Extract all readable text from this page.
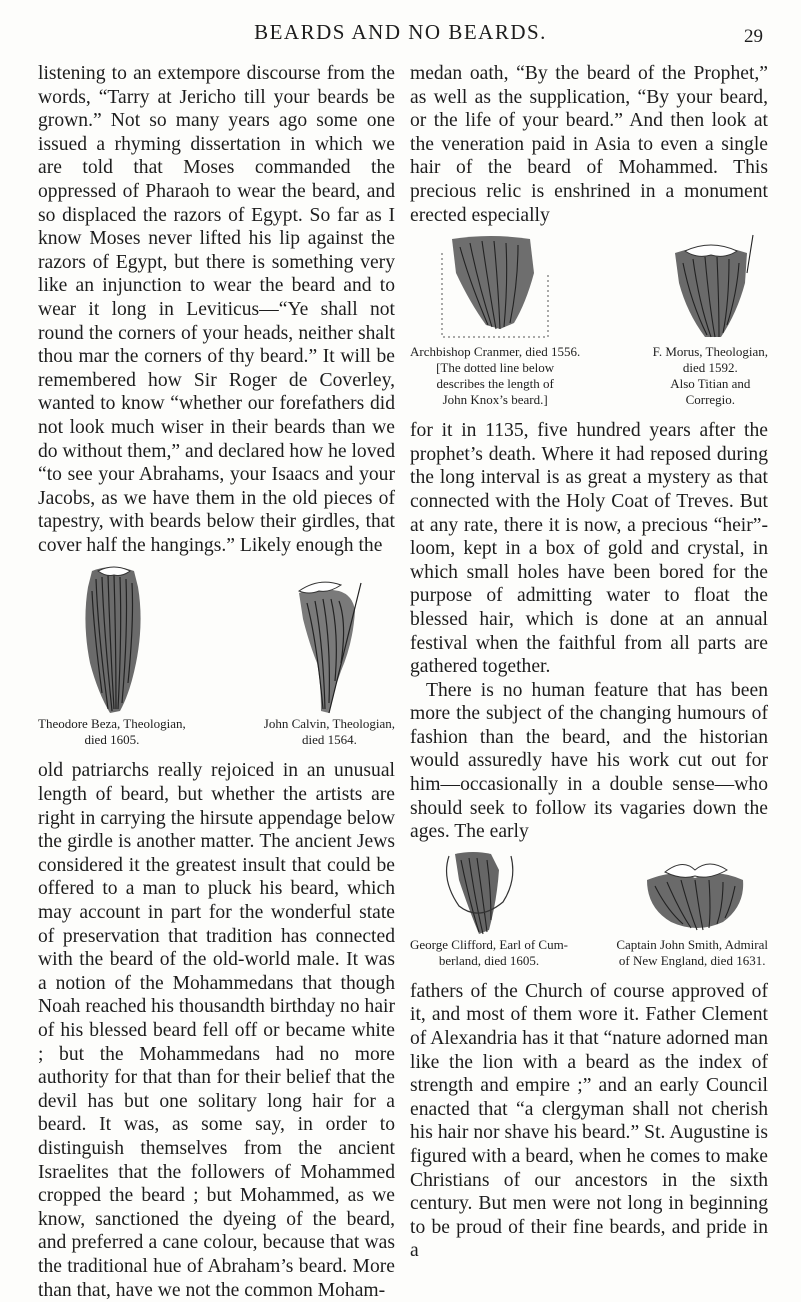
BEARDS AND NO BEARDS.	29

listening to an extempore discourse from the words, “Tarry at Jericho till your beards be grown.” Not so many years ago some one issued a rhyming dissertation in which we are told that Moses commanded the oppressed of Pharaoh to wear the beard, and so displaced the razors of Egypt. So far as I know Moses never lifted his lip against the razors of Egypt, but there is something very like an injunction to wear the beard and to wear it long in Leviticus—“Ye shall not round the corners of your heads, neither shalt thou mar the corners of thy beard.” It will be remembered how Sir Roger de Coverley, wanted to know “whether our forefathers did not look much wiser in their beards than we do without them,” and declared how he loved “to see your Abrahams, your Isaacs and your Jacobs, as we have them in the old pieces of tapestry, with beards below their girdles, that cover half the hangings.” Likely enough the

Theodore Beza, Theologian,
died 1605.
John Calvin, Theologian,
died 1564.

old patriarchs really rejoiced in an unusual length of beard, but whether the artists are right in carrying the hirsute appendage below the girdle is another matter. The ancient Jews considered it the greatest insult that could be offered to a man to pluck his beard, which may account in part for the wonderful state of preservation that tradition has connected with the beard of the old-world male. It was a notion of the Mohammedans that though Noah reached his thousandth birthday no hair of his blessed beard fell off or became white ; but the Mohammedans had no more authority for that than for their belief that the devil has but one solitary long hair for a beard. It was, as some say, in order to distinguish themselves from the ancient Israelites that the followers of Mohammed cropped the beard ; but Mohammed, as we know, sanctioned the dyeing of the beard, and preferred a cane colour, because that was the traditional hue of Abraham’s beard. More than that, have we not the common Moham-

medan oath, “By the beard of the Prophet,” as well as the supplication, “By your beard, or the life of your beard.” And then look at the veneration paid in Asia to even a single hair of the beard of Mohammed. This precious relic is enshrined in a monument erected especially

Archbishop Cranmer, died 1556.
[The dotted line below
describes the length of
John Knox’s beard.]
F. Morus, Theologian,
died 1592.
Also Titian and
Corregio.

for it in 1135, five hundred years after the prophet’s death. Where it had reposed during the long interval is as great a mystery as that connected with the Holy Coat of Treves. But at any rate, there it is now, a precious “heir”-loom, kept in a box of gold and crystal, in which small holes have been bored for the purpose of admitting water to float the blessed hair, which is done at an annual festival when the faithful from all parts are gathered together.

There is no human feature that has been more the subject of the changing humours of fashion than the beard, and the historian would assuredly have his work cut out for him—occasionally in a double sense—who should seek to follow its vagaries down the ages. The early

George Clifford, Earl of Cum-
berland, died 1605.
Captain John Smith, Admiral
of New England, died 1631.

fathers of the Church of course approved of it, and most of them wore it. Father Clement of Alexandria has it that “nature adorned man like the lion with a beard as the index of strength and empire ;” and an early Council enacted that “a clergyman shall not cherish his hair nor shave his beard.” St. Augustine is figured with a beard, when he comes to make Christians of our ancestors in the sixth century. But men were not long in beginning to be proud of their fine beards, and pride in a
